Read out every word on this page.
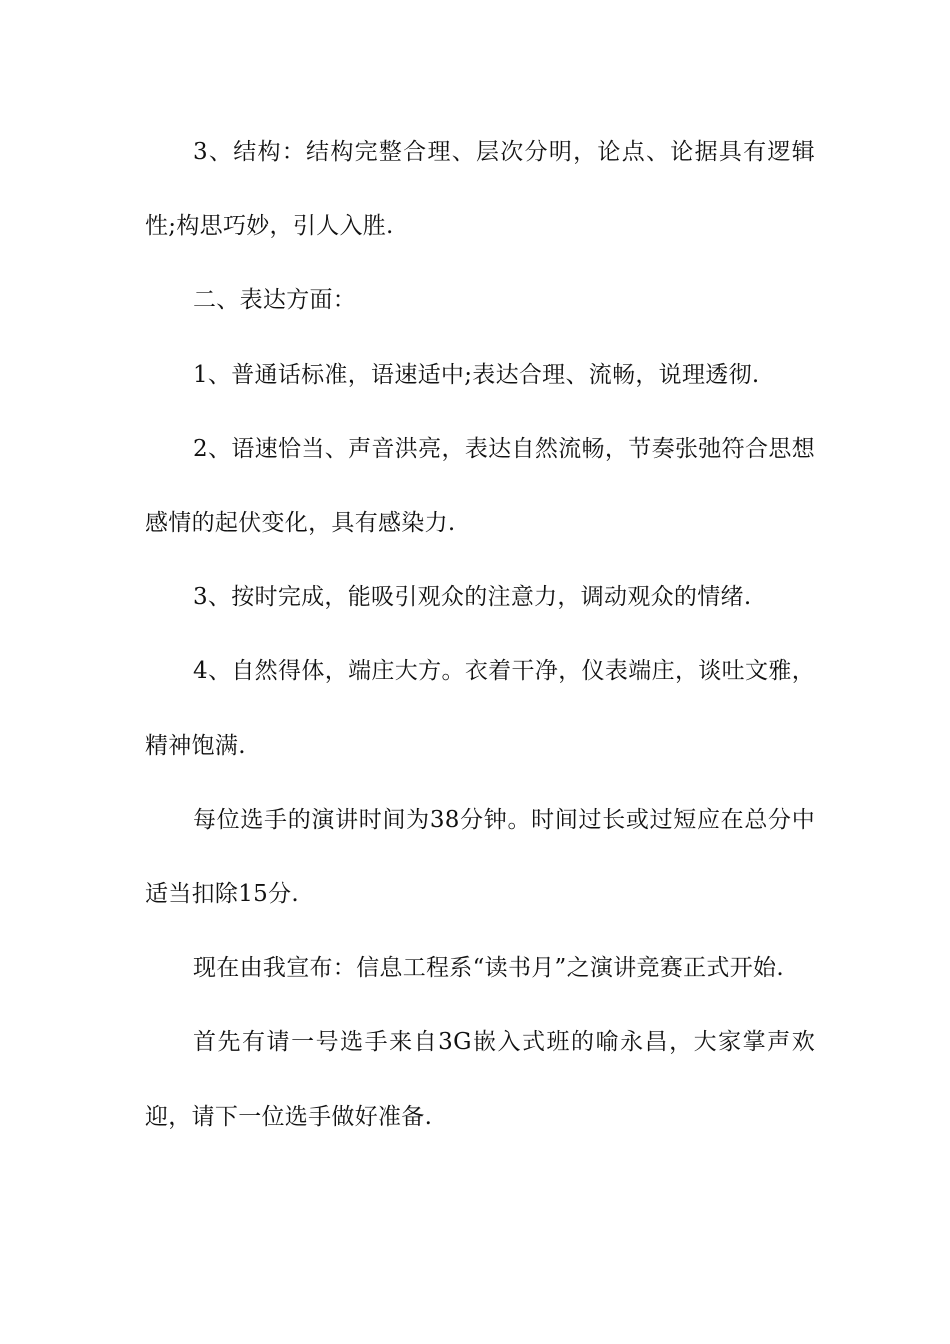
3、结构：结构完整合理、层次分明，论点、论据具有逻辑性;构思巧妙，引人入胜.

二、表达方面：

1、普通话标准，语速适中;表达合理、流畅，说理透彻.

2、语速恰当、声音洪亮，表达自然流畅，节奏张弛符合思想感情的起伏变化，具有感染力.

3、按时完成，能吸引观众的注意力，调动观众的情绪.

4、自然得体，端庄大方。衣着干净，仪表端庄，谈吐文雅，精神饱满.

每位选手的演讲时间为38分钟。时间过长或过短应在总分中适当扣除15分.

现在由我宣布：信息工程系“读书月”之演讲竞赛正式开始.

首先有请一号选手来自3G嵌入式班的喻永昌，大家掌声欢迎，请下一位选手做好准备.
